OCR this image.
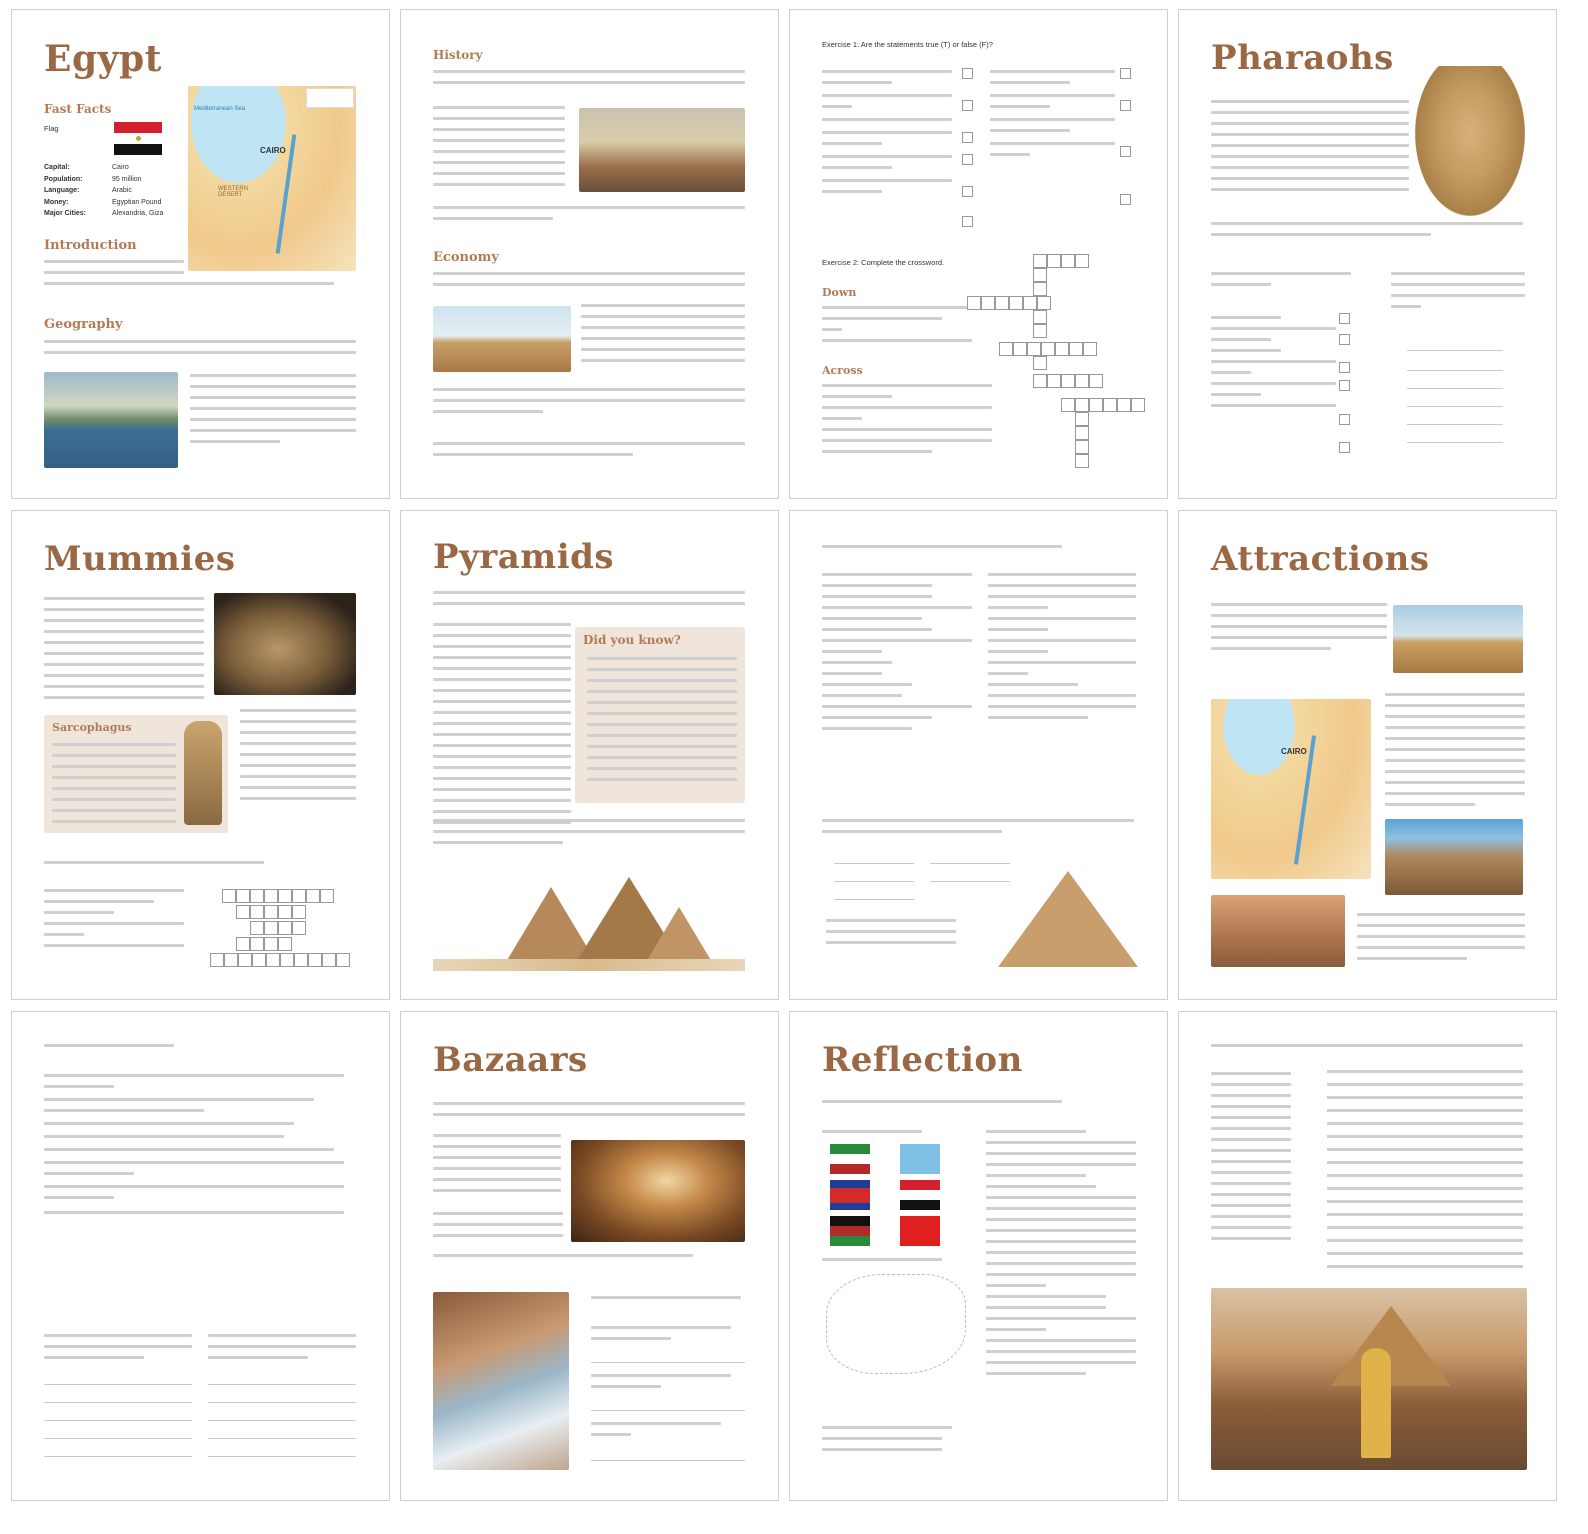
Egypt
Fast Facts
Flag
Capital:	Cairo
Population:	95 million
Language:	Arabic
Money:	Egyptian Pound
Major Cities:	Alexandria, Giza
Mediterranean Sea
CAIRO
WESTERN DESERT
Introduction
Geography
History
Economy
Exercise 1: Are the statements true (T) or false (F)?
Exercise 2: Complete the crossword.
Down
Across
Pharaohs
Mummies
Sarcophagus
Pyramids
Did you know?
Attractions
CAIRO
Bazaars	Reflection
